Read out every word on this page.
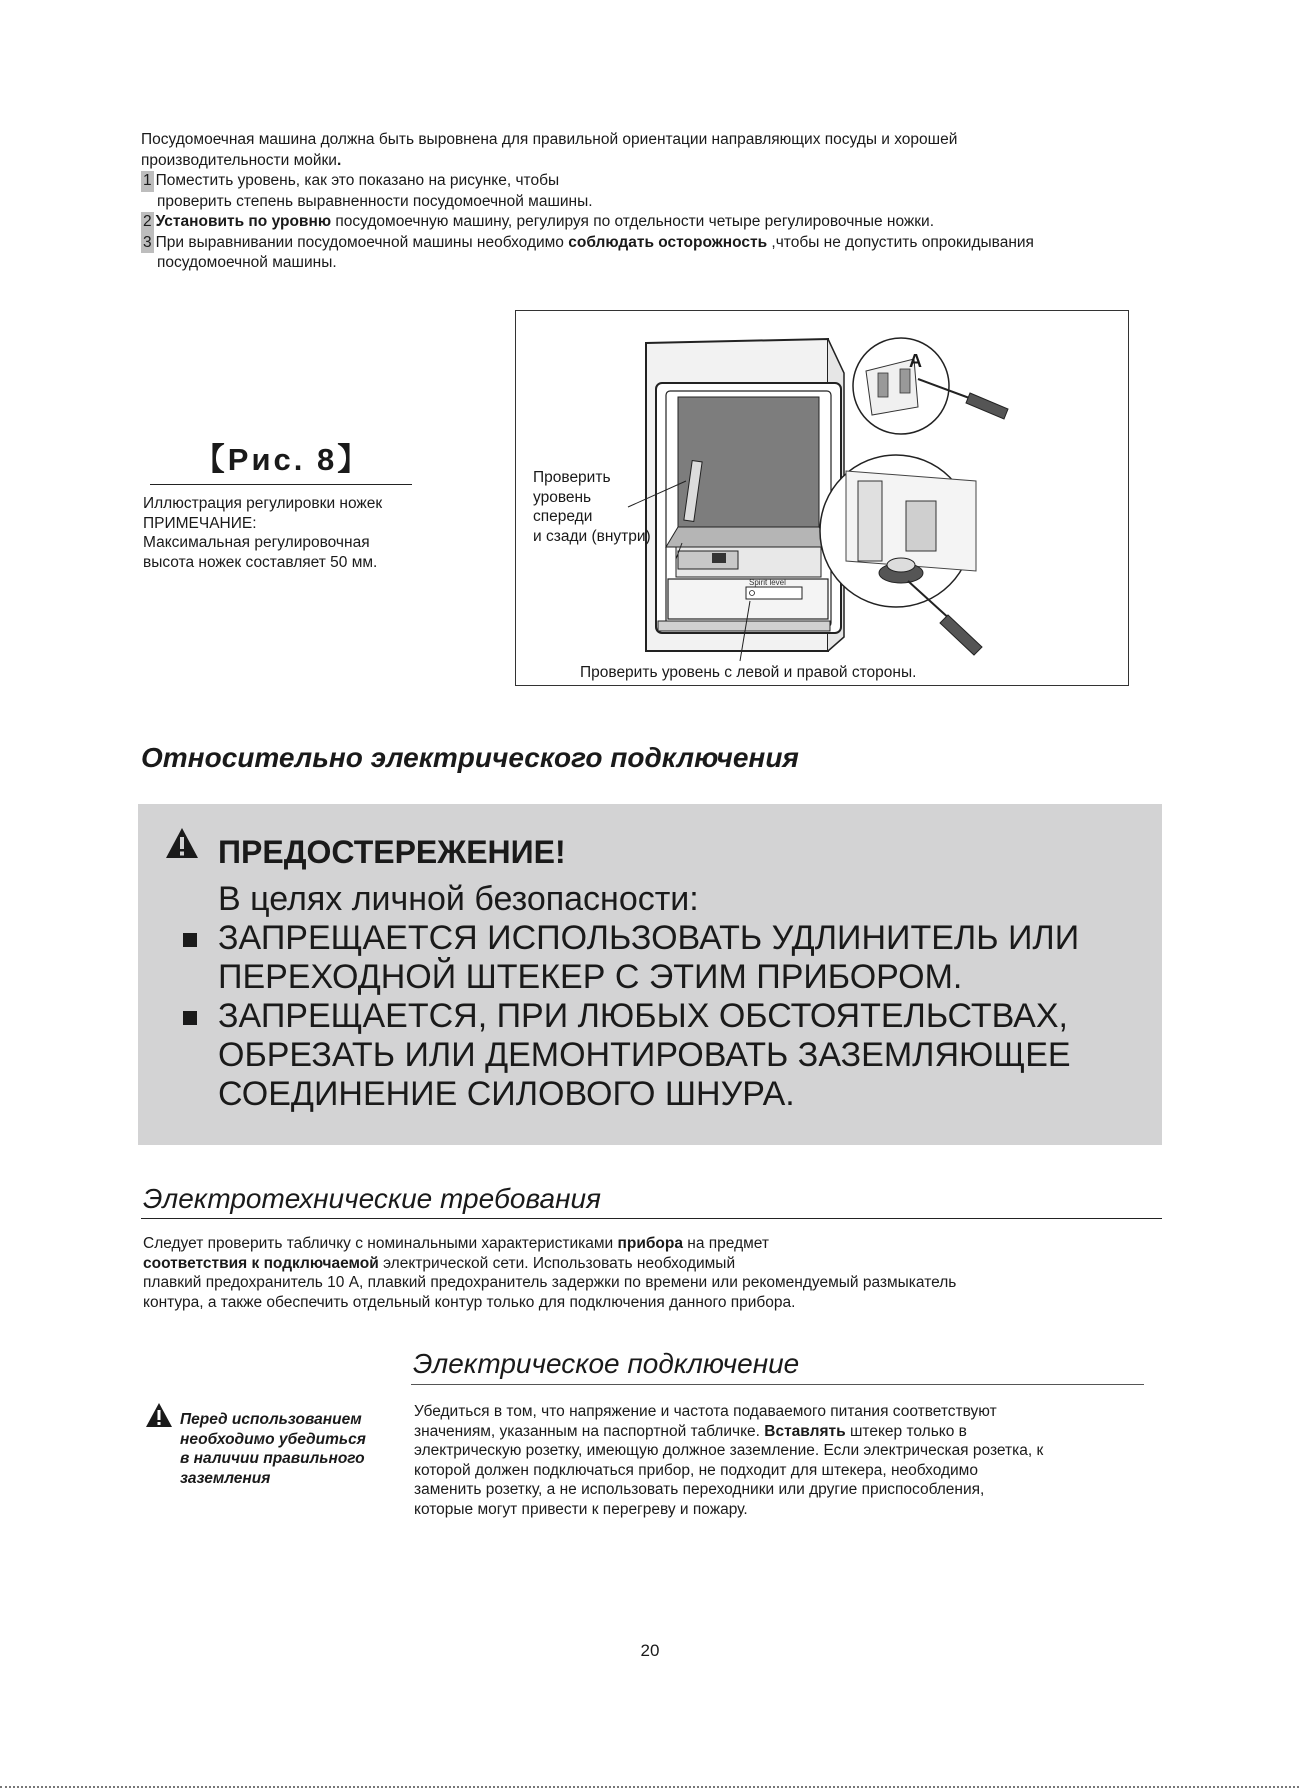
Посудомоечная машина должна быть выровнена для правильной ориентации направляющих посуды и хорошей
производительности мойки.
1 Поместить уровень, как это показано на рисунке, чтобы
проверить степень выравненности посудомоечной машины.
2 Установить по уровню посудомоечную машину, регулируя по отдельности четыре регулировочные ножки.
3 При выравнивании посудомоечной машины необходимо соблюдать осторожность ,чтобы не допустить опрокидывания
посудомоечной машины.
【Рис. 8】
Иллюстрация регулировки ножек
ПРИМЕЧАНИЕ:
Максимальная регулировочная
высота ножек составляет 50 мм.
Проверить
уровень
спереди
и сзади (внутри)
Spirit level
A
Проверить уровень с левой и правой стороны.
Относительно электрического подключения
ПРЕДОСТЕРЕЖЕНИЕ!
В целях личной безопасности:
ЗАПРЕЩАЕТСЯ ИСПОЛЬЗОВАТЬ УДЛИНИТЕЛЬ ИЛИ
ПЕРЕХОДНОЙ ШТЕКЕР С ЭТИМ ПРИБОРОМ.
ЗАПРЕЩАЕТСЯ, ПРИ ЛЮБЫХ ОБСТОЯТЕЛЬСТВАХ,
ОБРЕЗАТЬ ИЛИ ДЕМОНТИРОВАТЬ ЗАЗЕМЛЯЮЩЕЕ
СОЕДИНЕНИЕ СИЛОВОГО ШНУРА.
Электротехнические требования
Следует проверить табличку с номинальными характеристиками прибора на предмет
соответствия к подключаемой электрической сети. Использовать необходимый
плавкий предохранитель 10 А, плавкий предохранитель задержки по времени или рекомендуемый размыкатель
контура, а также обеспечить отдельный контур только для подключения данного прибора.
Электрическое подключение
Перед использованием
необходимо убедиться
в наличии правильного
заземления
Убедиться в том, что напряжение и частота подаваемого питания соответствуют
значениям, указанным на паспортной табличке. Вставлять штекер только в
электрическую розетку, имеющую должное заземление. Если электрическая розетка, к
которой должен подключаться прибор, не подходит для штекера, необходимо
заменить розетку, а не использовать переходники или другие приспособления,
которые могут привести к перегреву и пожару.
20
